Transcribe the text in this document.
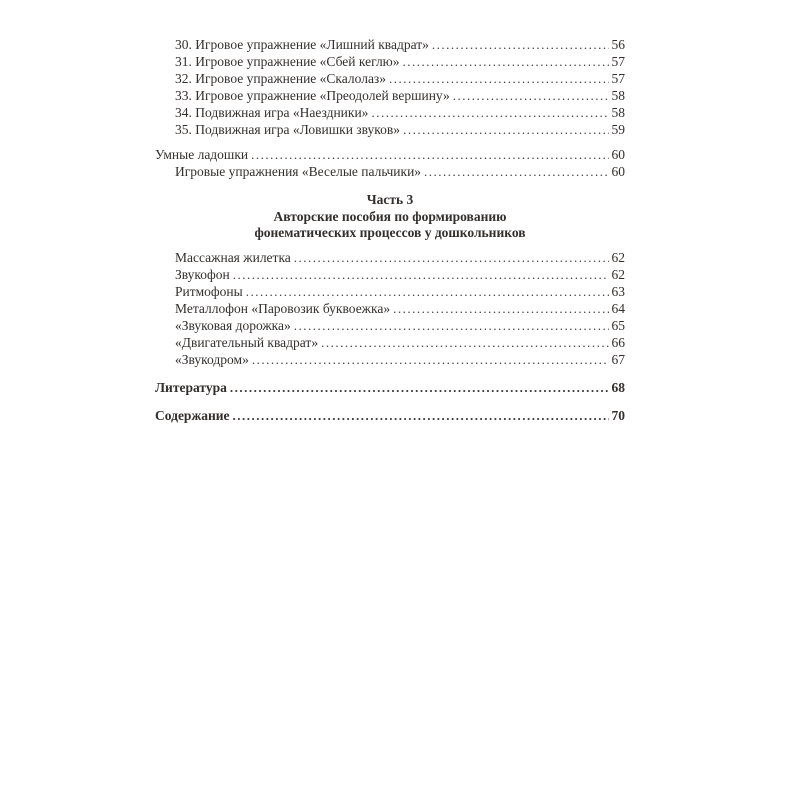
30. Игровое упражнение «Лишний квадрат» .....	56
31. Игровое упражнение «Сбей кеглю» .....	57
32. Игровое упражнение «Скалолаз» .....	57
33. Игровое упражнение «Преодолей вершину» .....	58
34. Подвижная игра «Наездники» .....	58
35. Подвижная игра «Ловишки звуков» .....	59
Умные ладошки .....	60
Игровые упражнения «Веселые пальчики» .....	60
Часть 3
Авторские пособия по формированию
фонематических процессов у дошкольников
Массажная жилетка .....	62
Звукофон .....	62
Ритмофоны .....	63
Металлофон «Паровозик буквоежка» .....	64
«Звуковая дорожка» .....	65
«Двигательный квадрат» .....	66
«Звукодром» .....	67
Литература .....	68
Содержание .....	70
